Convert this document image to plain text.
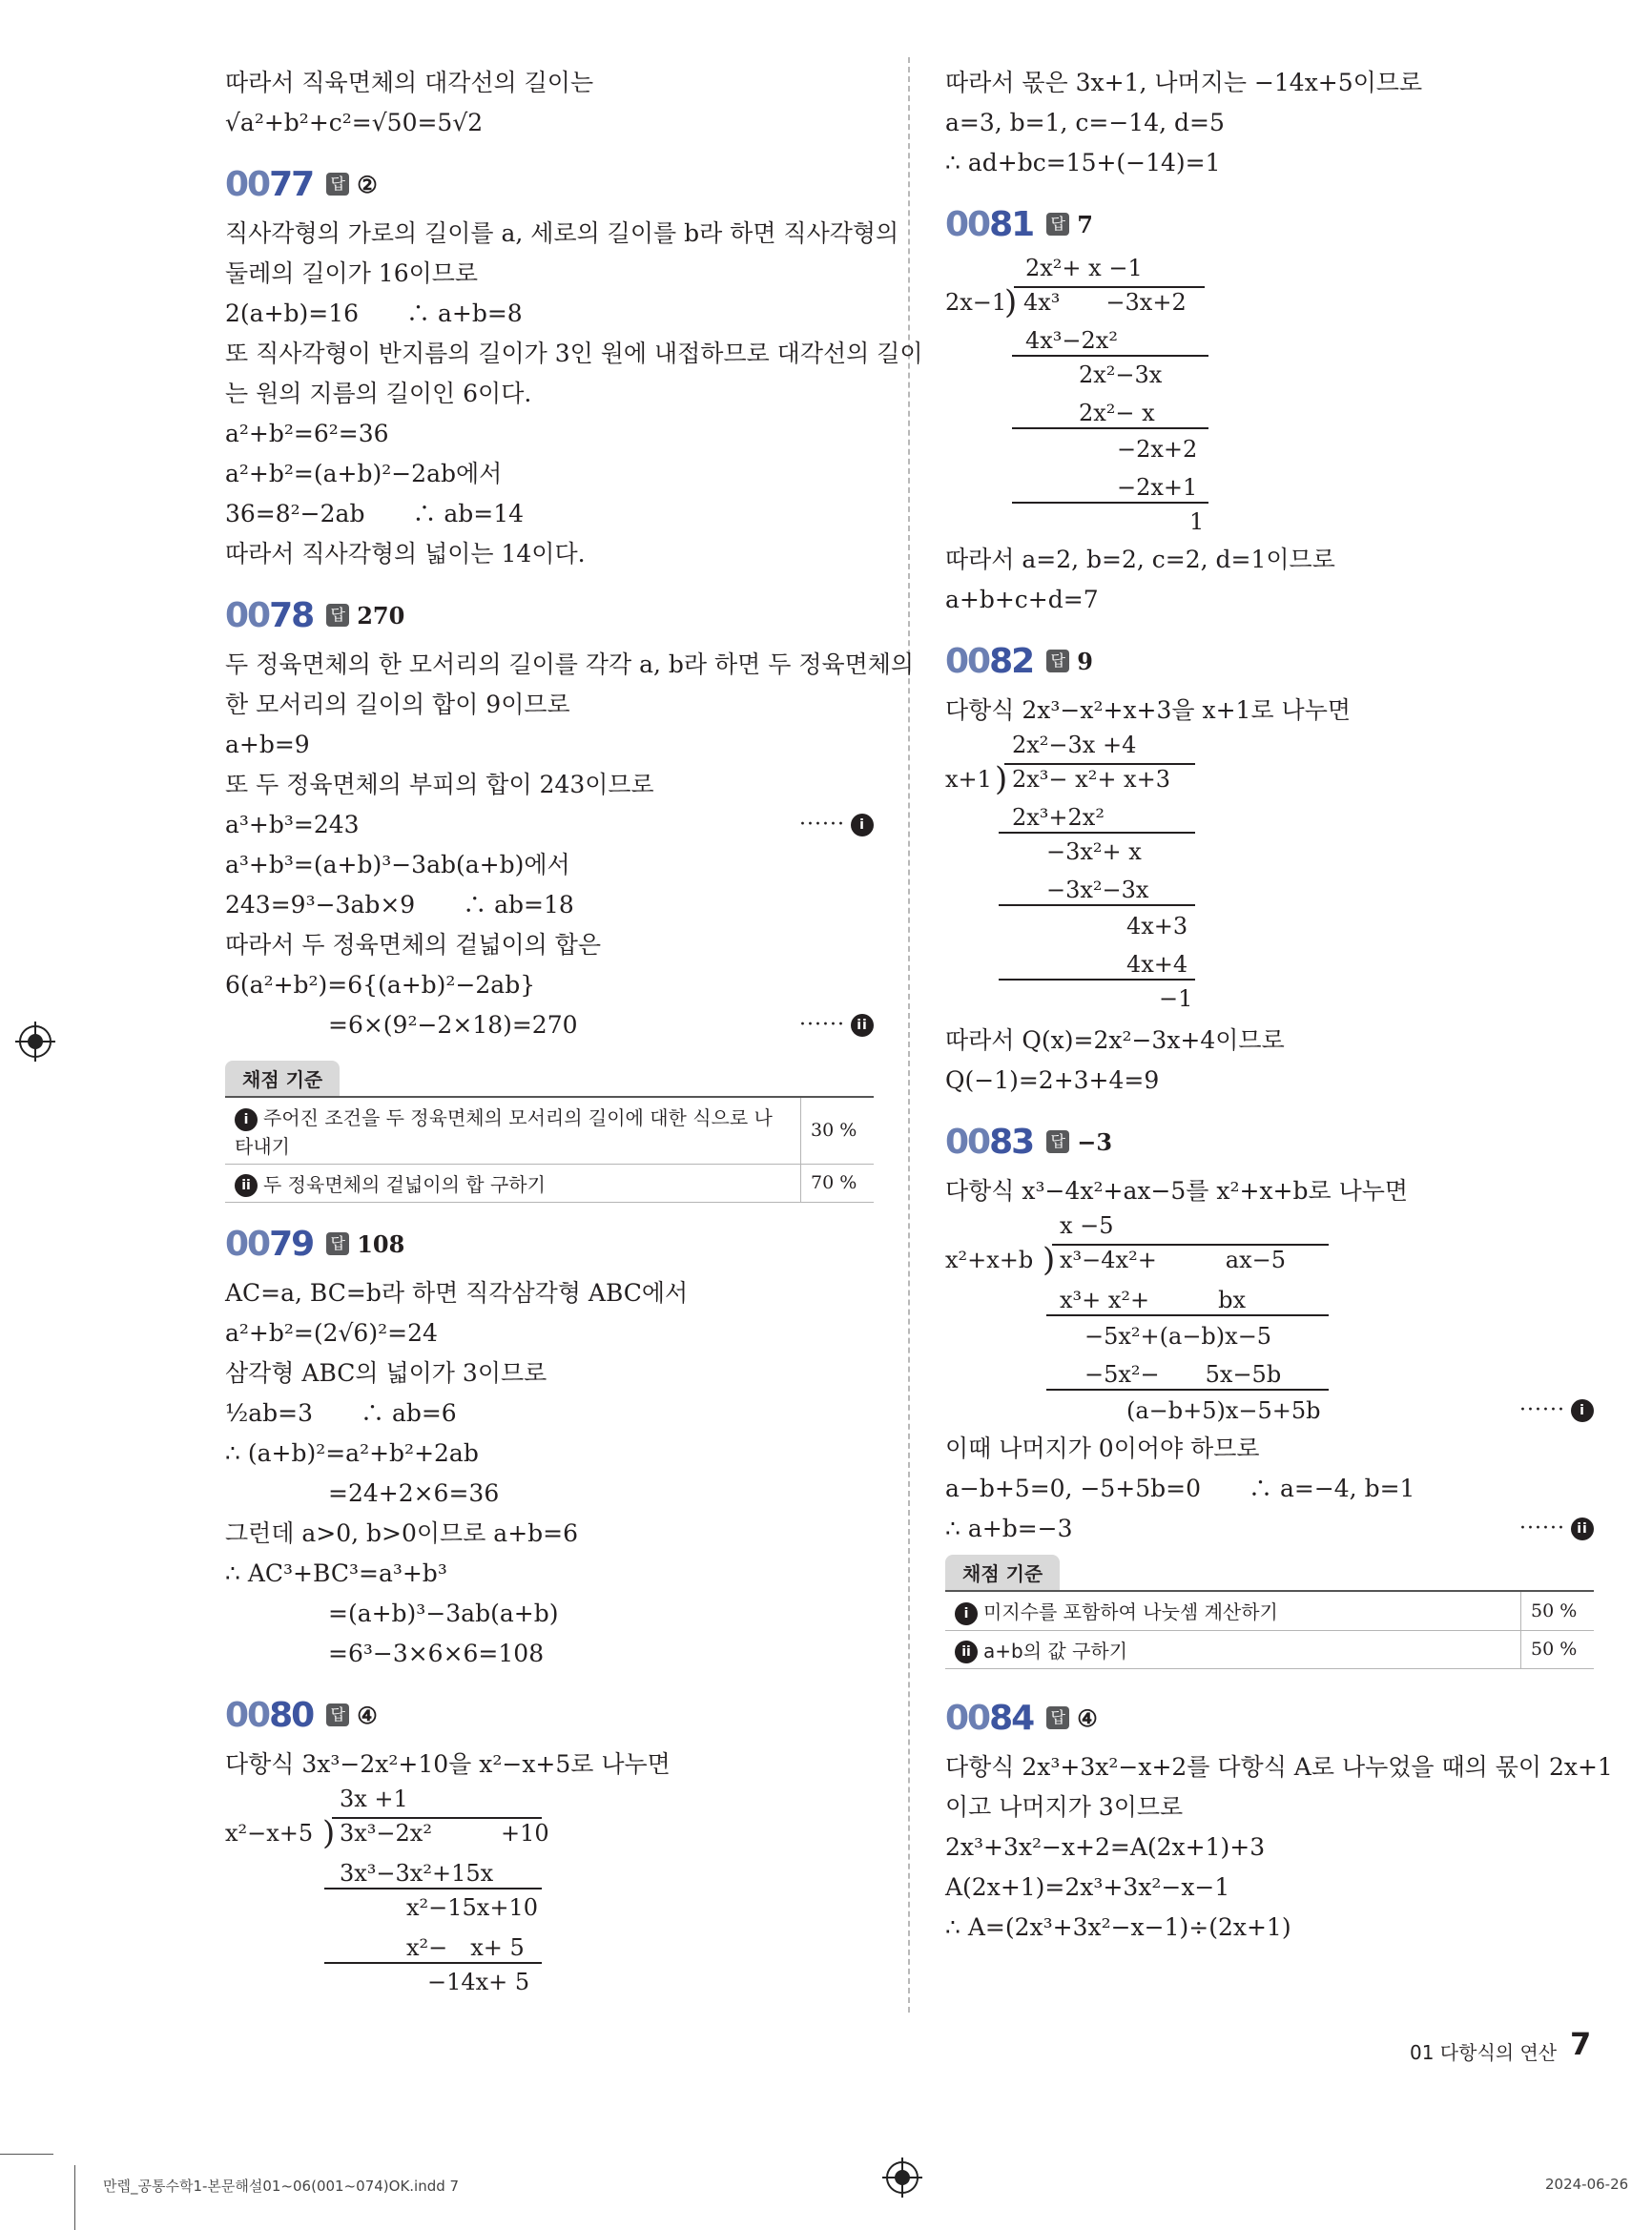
따라서 직육면체의 대각선의 길이는
√a²+b²+c²=√50=5√2
0077 답 ②
직사각형의 가로의 길이를 a, 세로의 길이를 b라 하면 직사각형의
둘레의 길이가 16이므로
2(a+b)=16　　∴ a+b=8
또 직사각형이 반지름의 길이가 3인 원에 내접하므로 대각선의 길이
는 원의 지름의 길이인 6이다.
a²+b²=6²=36
a²+b²=(a+b)²−2ab에서
36=8²−2ab　　∴ ab=14
따라서 직사각형의 넓이는 14이다.
0078 답 270
두 정육면체의 한 모서리의 길이를 각각 a, b라 하면 두 정육면체의
한 모서리의 길이의 합이 9이므로
a+b=9
또 두 정육면체의 부피의 합이 243이므로
a³+b³=243	······ i
a³+b³=(a+b)³−3ab(a+b)에서
243=9³−3ab×9　　∴ ab=18
따라서 두 정육면체의 겉넓이의 합은
6(a²+b²)=6{(a+b)²−2ab}
=6×(9²−2×18)=270	······ ii
채점 기준
i 주어진 조건을 두 정육면체의 모서리의 길이에 대한 식으로 나타내기	30 %
ii 두 정육면체의 겉넓이의 합 구하기	70 %
0079 답 108
AC=a, BC=b라 하면 직각삼각형 ABC에서
a²+b²=(2√6)²=24
삼각형 ABC의 넓이가 3이므로
½ab=3　　∴ ab=6
∴ (a+b)²=a²+b²+2ab
=24+2×6=36
그런데 a>0, b>0이므로 a+b=6
∴ AC³+BC³=a³+b³
=(a+b)³−3ab(a+b)
=6³−3×6×6=108
0080 답 ④
다항식 3x³−2x²+10을 x²−x+5로 나누면
3x +1
x²−x+5 ) 3x³−2x²　　　+10
3x³−3x²+15x
x²−15x+10
x²−　x+ 5
−14x+ 5
따라서 몫은 3x+1, 나머지는 −14x+5이므로
a=3, b=1, c=−14, d=5
∴ ad+bc=15+(−14)=1
0081 답 7
2x²+ x −1
2x−1
) 4x³　　−3x+2
4x³−2x²
2x²−3x
2x²− x
−2x+2
−2x+1
1
따라서 a=2, b=2, c=2, d=1이므로
a+b+c+d=7
0082 답 9
다항식 2x³−x²+x+3을 x+1로 나누면
2x²−3x +4
x+1 ) 2x³− x²+ x+3
2x³+2x²
−3x²+ x
−3x²−3x
4x+3
4x+4
−1
따라서 Q(x)=2x²−3x+4이므로
Q(−1)=2+3+4=9
0083 답 −3
다항식 x³−4x²+ax−5를 x²+x+b로 나누면
x −5
x²+x+b ) x³−4x²+　　　ax−5
x³+ x²+　　　bx
−5x²+(a−b)x−5
−5x²−　　5x−5b
(a−b+5)x−5+5b	······ i
이때 나머지가 0이어야 하므로
a−b+5=0, −5+5b=0　　∴ a=−4, b=1
∴ a+b=−3	······ ii
채점 기준
i 미지수를 포함하여 나눗셈 계산하기	50 %
ii a+b의 값 구하기	50 %
0084 답 ④
다항식 2x³+3x²−x+2를 다항식 A로 나누었을 때의 몫이 2x+1
이고 나머지가 3이므로
2x³+3x²−x+2=A(2x+1)+3
A(2x+1)=2x³+3x²−x−1
∴ A=(2x³+3x²−x−1)÷(2x+1)
01 다항식의 연산 7
만렙_공통수학1-본문해설01~06(001~074)OK.indd 7	2024-06-26
